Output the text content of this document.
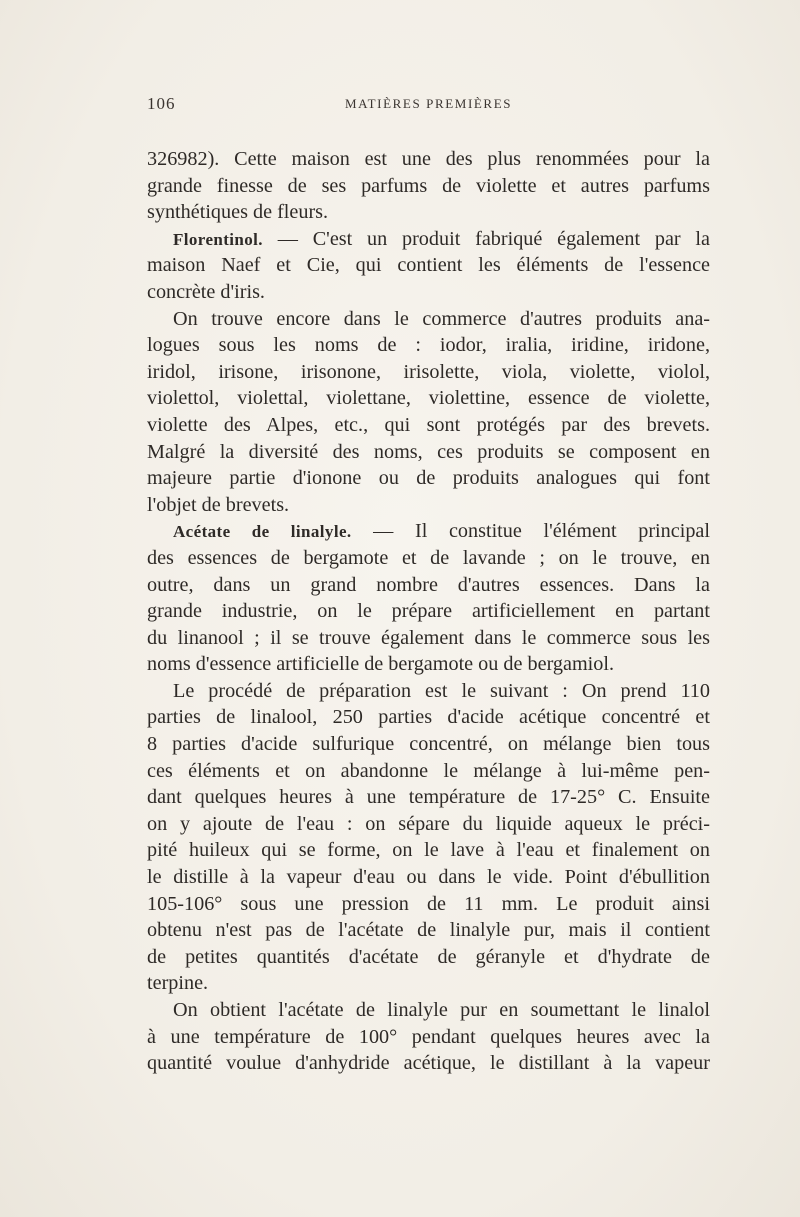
106	MATIÈRES PREMIÈRES
326982). Cette maison est une des plus renommées pour la
grande finesse de ses parfums de violette et autres parfums
synthétiques de fleurs.
Florentinol. — C'est un produit fabriqué également par la
maison Naef et Cie, qui contient les éléments de l'essence
concrète d'iris.
On trouve encore dans le commerce d'autres produits ana-
logues sous les noms de : iodor, iralia, iridine, iridone,
iridol, irisone, irisonone, irisolette, viola, violette, violol,
violettol, violettal, violettane, violettine, essence de violette,
violette des Alpes, etc., qui sont protégés par des brevets.
Malgré la diversité des noms, ces produits se composent en
majeure partie d'ionone ou de produits analogues qui font
l'objet de brevets.
Acétate de linalyle. — Il constitue l'élément principal
des essences de bergamote et de lavande ; on le trouve, en
outre, dans un grand nombre d'autres essences. Dans la
grande industrie, on le prépare artificiellement en partant
du linanool ; il se trouve également dans le commerce sous les
noms d'essence artificielle de bergamote ou de bergamiol.
Le procédé de préparation est le suivant : On prend 110
parties de linalool, 250 parties d'acide acétique concentré et
8 parties d'acide sulfurique concentré, on mélange bien tous
ces éléments et on abandonne le mélange à lui-même pen-
dant quelques heures à une température de 17-25° C. Ensuite
on y ajoute de l'eau : on sépare du liquide aqueux le préci-
pité huileux qui se forme, on le lave à l'eau et finalement on
le distille à la vapeur d'eau ou dans le vide. Point d'ébullition
105-106° sous une pression de 11 mm. Le produit ainsi
obtenu n'est pas de l'acétate de linalyle pur, mais il contient
de petites quantités d'acétate de géranyle et d'hydrate de
terpine.
On obtient l'acétate de linalyle pur en soumettant le linalol
à une température de 100° pendant quelques heures avec la
quantité voulue d'anhydride acétique, le distillant à la vapeur
